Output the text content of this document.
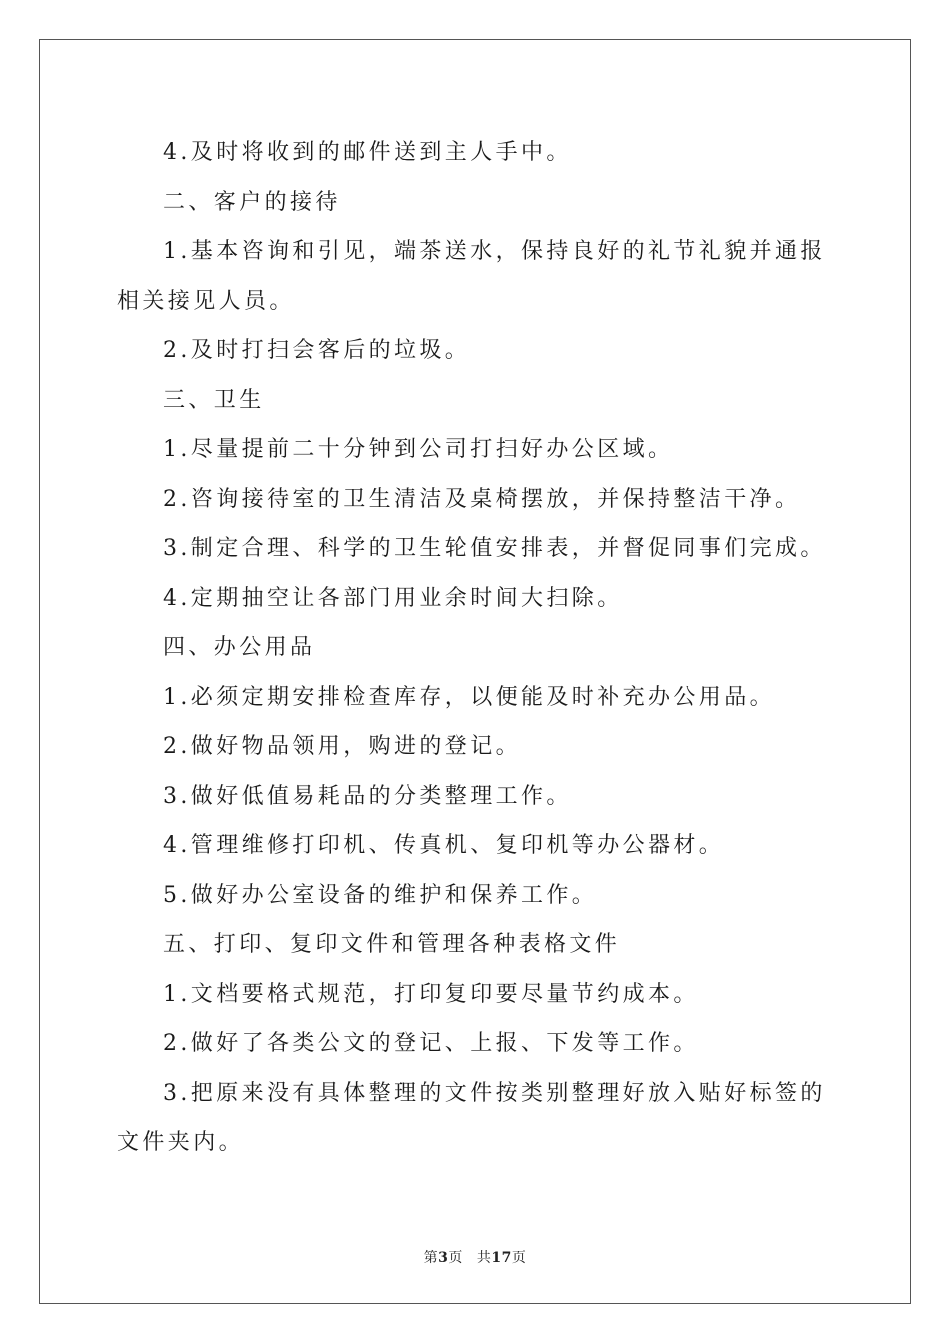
4.及时将收到的邮件送到主人手中。

二、客户的接待

1.基本咨询和引见，端茶送水，保持良好的礼节礼貌并通报相关接见人员。

2.及时打扫会客后的垃圾。

三、卫生

1.尽量提前二十分钟到公司打扫好办公区域。

2.咨询接待室的卫生清洁及桌椅摆放，并保持整洁干净。

3.制定合理、科学的卫生轮值安排表，并督促同事们完成。

4.定期抽空让各部门用业余时间大扫除。

四、办公用品

1.必须定期安排检查库存，以便能及时补充办公用品。

2.做好物品领用，购进的登记。

3.做好低值易耗品的分类整理工作。

4.管理维修打印机、传真机、复印机等办公器材。

5.做好办公室设备的维护和保养工作。

五、打印、复印文件和管理各种表格文件

1.文档要格式规范，打印复印要尽量节约成本。

2.做好了各类公文的登记、上报、下发等工作。

3.把原来没有具体整理的文件按类别整理好放入贴好标签的文件夹内。

第3页 共17页
